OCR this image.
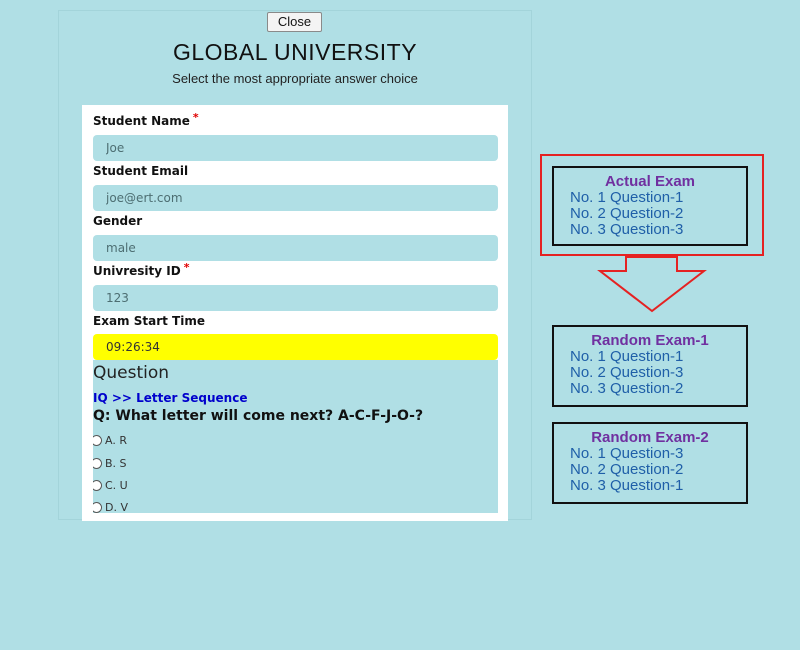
Close
GLOBAL UNIVERSITY
Select the most appropriate answer choice
Student Name *
Joe
Student Email
joe@ert.com
Gender
male
Univresity ID *
123
Exam Start Time
09:26:34
Question
IQ >> Letter Sequence
Q: What letter will come next? A-C-F-J-O-?
A. R
B. S
C. U
D. V
Actual Exam
No. 1 Question-1
No. 2 Question-2
No. 3 Question-3
Random Exam-1
No. 1 Question-1
No. 2 Question-3
No. 3 Question-2
Random Exam-2
No. 1 Question-3
No. 2 Question-2
No. 3 Question-1
